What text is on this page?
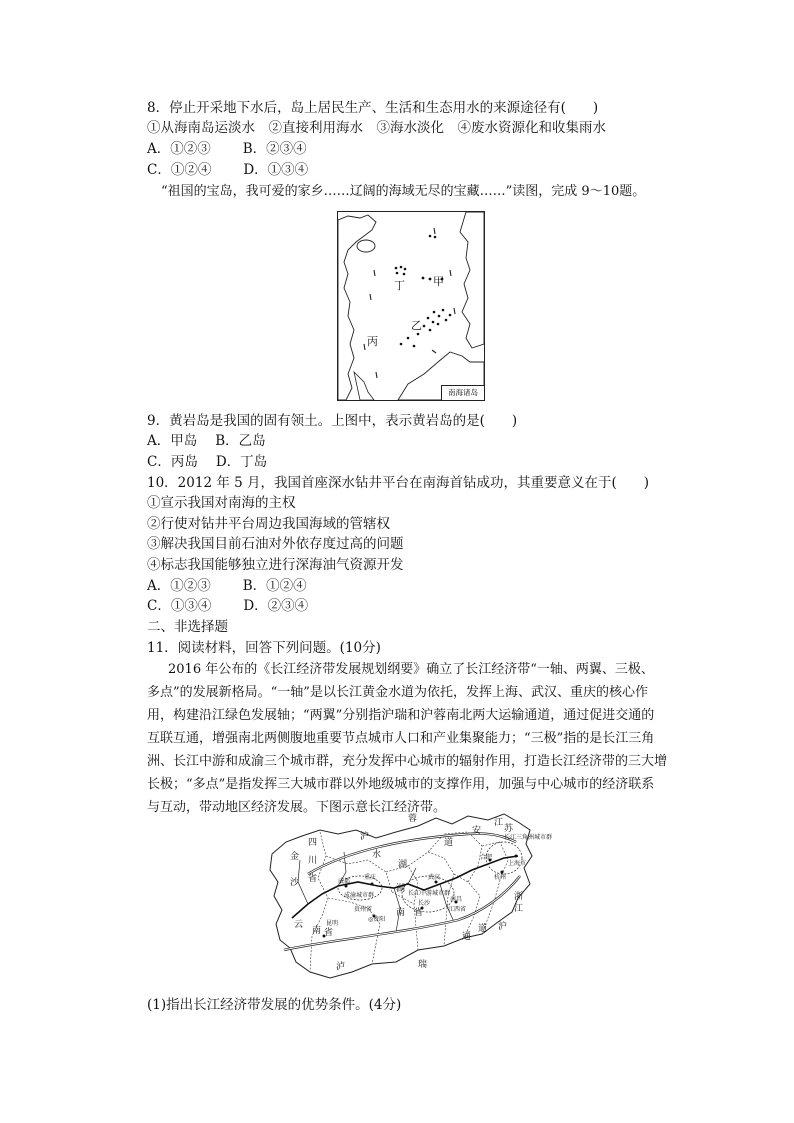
8．停止开采地下水后，岛上居民生产、生活和生态用水的来源途径有(　　)
①从海南岛运淡水　②直接利用海水　③海水淡化　④废水资源化和收集雨水
A．①②③ B．②③④
C．①②④ D．①③④
“祖国的宝岛，我可爱的家乡……辽阔的海域无尽的宝藏……”读图，完成 9～10题。
甲
乙
丙
丁
南海诸岛
9．黄岩岛是我国的固有领土。上图中，表示黄岩岛的是(　　)
A．甲岛 B．乙岛
C．丙岛 D．丁岛
10．2012 年 5 月，我国首座深水钻井平台在南海首钻成功，其重要意义在于(　　)
①宣示我国对南海的主权
②行使对钻井平台周边我国海域的管辖权
③解决我国目前石油对外依存度过高的问题
④标志我国能够独立进行深海油气资源开发
A．①②③ B．①②④
C．①③④ D．②③④
二、非选择题
11．阅读材料，回答下列问题。(10分)
2016 年公布的《长江经济带发展规划纲要》确立了长江经济带“一轴、两翼、三极、
多点”的发展新格局。“一轴”是以长江黄金水道为依托，发挥上海、武汉、重庆的核心作
用，构建沿江绿色发展轴；“两翼”分别指沪瑞和沪蓉南北两大运输通道，通过促进交通的
互联互通，增强南北两侧腹地重要节点城市人口和产业集聚能力；“三极”指的是长江三角
洲、长江中游和成渝三个城市群，充分发挥中心城市的辐射作用，打造长江经济带的三大增
长极；“多点”是指发挥三大城市群以外地级城市的支撑作用，加强与中心城市的经济联系
与互动，带动地区经济发展。下图示意长江经济带。
金
四
川
省
沙
云
南 省
昆明
成都
重庆
成渝城市群
贵州省
◎贵阳
湖
南 省
湖
武汉
长沙
南昌
江西省
长江中游城市群
合肥
安
江
苏
长江三角洲城市群
上海市
杭州
浙
江
道
沪
蓉
水
通
道
瑞
泸
沪
(1)指出长江经济带发展的优势条件。(4分)
